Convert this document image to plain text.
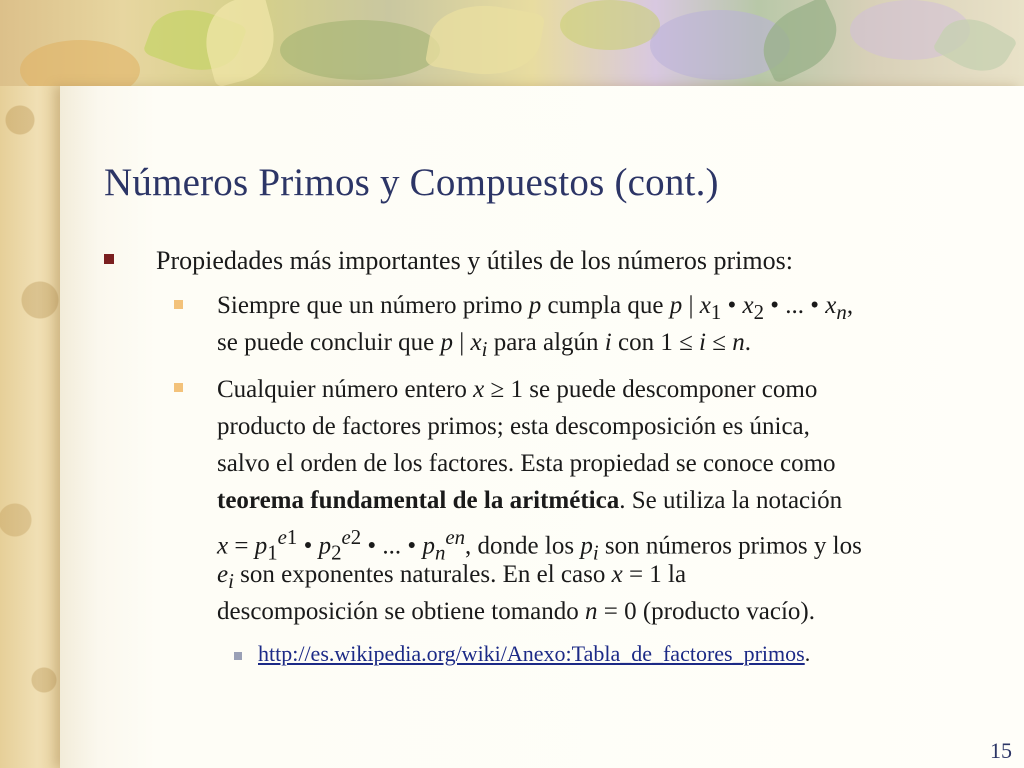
Números Primos y Compuestos (cont.)
Propiedades más importantes y útiles de los números primos:
Siempre que un número primo p cumpla que p | $x_1$ • $x_2$ • ... • $x_n$,
se puede concluir que p | $x_i$ para algún i con 1 ≤ i ≤ n.
Cualquier número entero x ≥ 1 se puede descomponer como
producto de factores primos; esta descomposición es única,
salvo el orden de los factores. Esta propiedad se conoce como
teorema fundamental de la aritmética. Se utiliza la notación
$x = p_1^{e1}$ • $p_2^{e2}$ • ... • $p_n^{en}$, donde los $p_i$ son números primos y los
$e_i$ son exponentes naturales. En el caso x = 1 la
descomposición se obtiene tomando n = 0 (producto vacío).
http://es.wikipedia.org/wiki/Anexo:Tabla_de_factores_primos.
15
